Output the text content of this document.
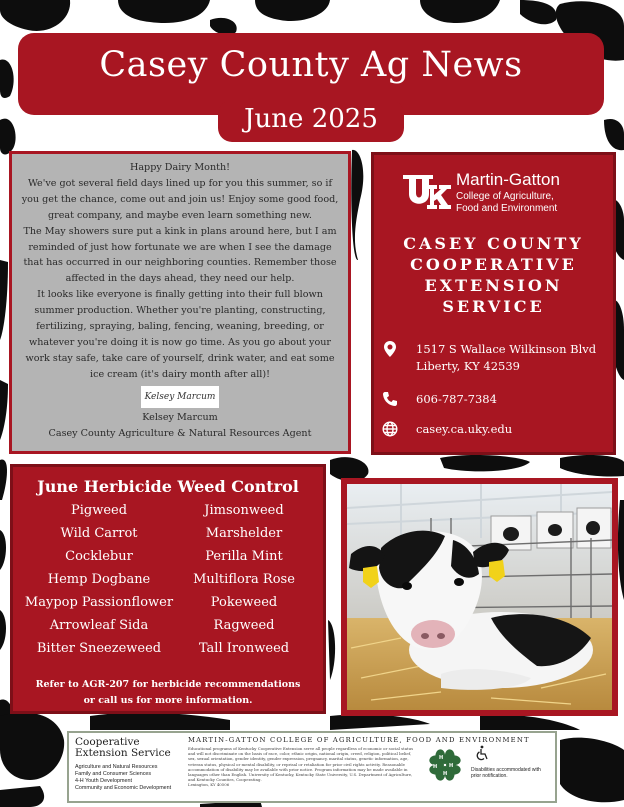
Casey County Ag News
June 2025

Happy Dairy Month!

We've got several field days lined up for you this summer, so if you get the chance, come out and join us! Enjoy some good food, great company, and maybe even learn something new.

The May showers sure put a kink in plans around here, but I am reminded of just how fortunate we are when I see the damage that has occurred in our neighboring counties. Remember those affected in the days ahead, they need our help.

It looks like everyone is finally getting into their full blown summer production. Whether you're planting, constructing, fertilizing, spraying, baling, fencing, weaning, breeding, or whatever you're doing it is now go time. As you go about your work stay safe, take care of yourself, drink water, and eat some ice cream (it's dairy month after all)!

Kelsey Marcum

Kelsey Marcum

Casey County Agriculture & Natural Resources Agent

Martin-Gatton
College of Agriculture,
Food and Environment
CASEY COUNTY COOPERATIVE EXTENSION SERVICE
1517 S Wallace Wilkinson Blvd
Liberty, KY 42539
606-787-7384
casey.ca.uky.edu
June Herbicide Weed Control
Pigweed
Wild Carrot
Cocklebur
Hemp Dogbane
Maypop Passionflower
Arrowleaf Sida
Bitter Sneezeweed
Jimsonweed
Marshelder
Perilla Mint
Multiflora Rose
Pokeweed
Ragweed
Tall Ironweed
Refer to AGR-207 for herbicide recommendations or call us for more information.
Cooperative
Extension Service
Agriculture and Natural Resources
Family and Consumer Sciences
4-H Youth Development
Community and Economic Development
MARTIN-GATTON COLLEGE OF AGRICULTURE, FOOD AND ENVIRONMENT
Educational programs of Kentucky Cooperative Extension serve all people regardless of economic or social status and will not discriminate on the basis of race, color, ethnic origin, national origin, creed, religion, political belief, sex, sexual orientation, gender identity, gender expression, pregnancy, marital status, genetic information, age, veteran status, physical or mental disability, or reprisal or retaliation for prior civil rights activity. Reasonable accommodation of disability may be available with prior notice. Program information may be made available in languages other than English. University of Kentucky, Kentucky State University, U.S. Department of Agriculture, and Kentucky Counties, Cooperating.
Lexington, KY 40506
H
H
H
H	Disabilities accommodated with prior notification.
